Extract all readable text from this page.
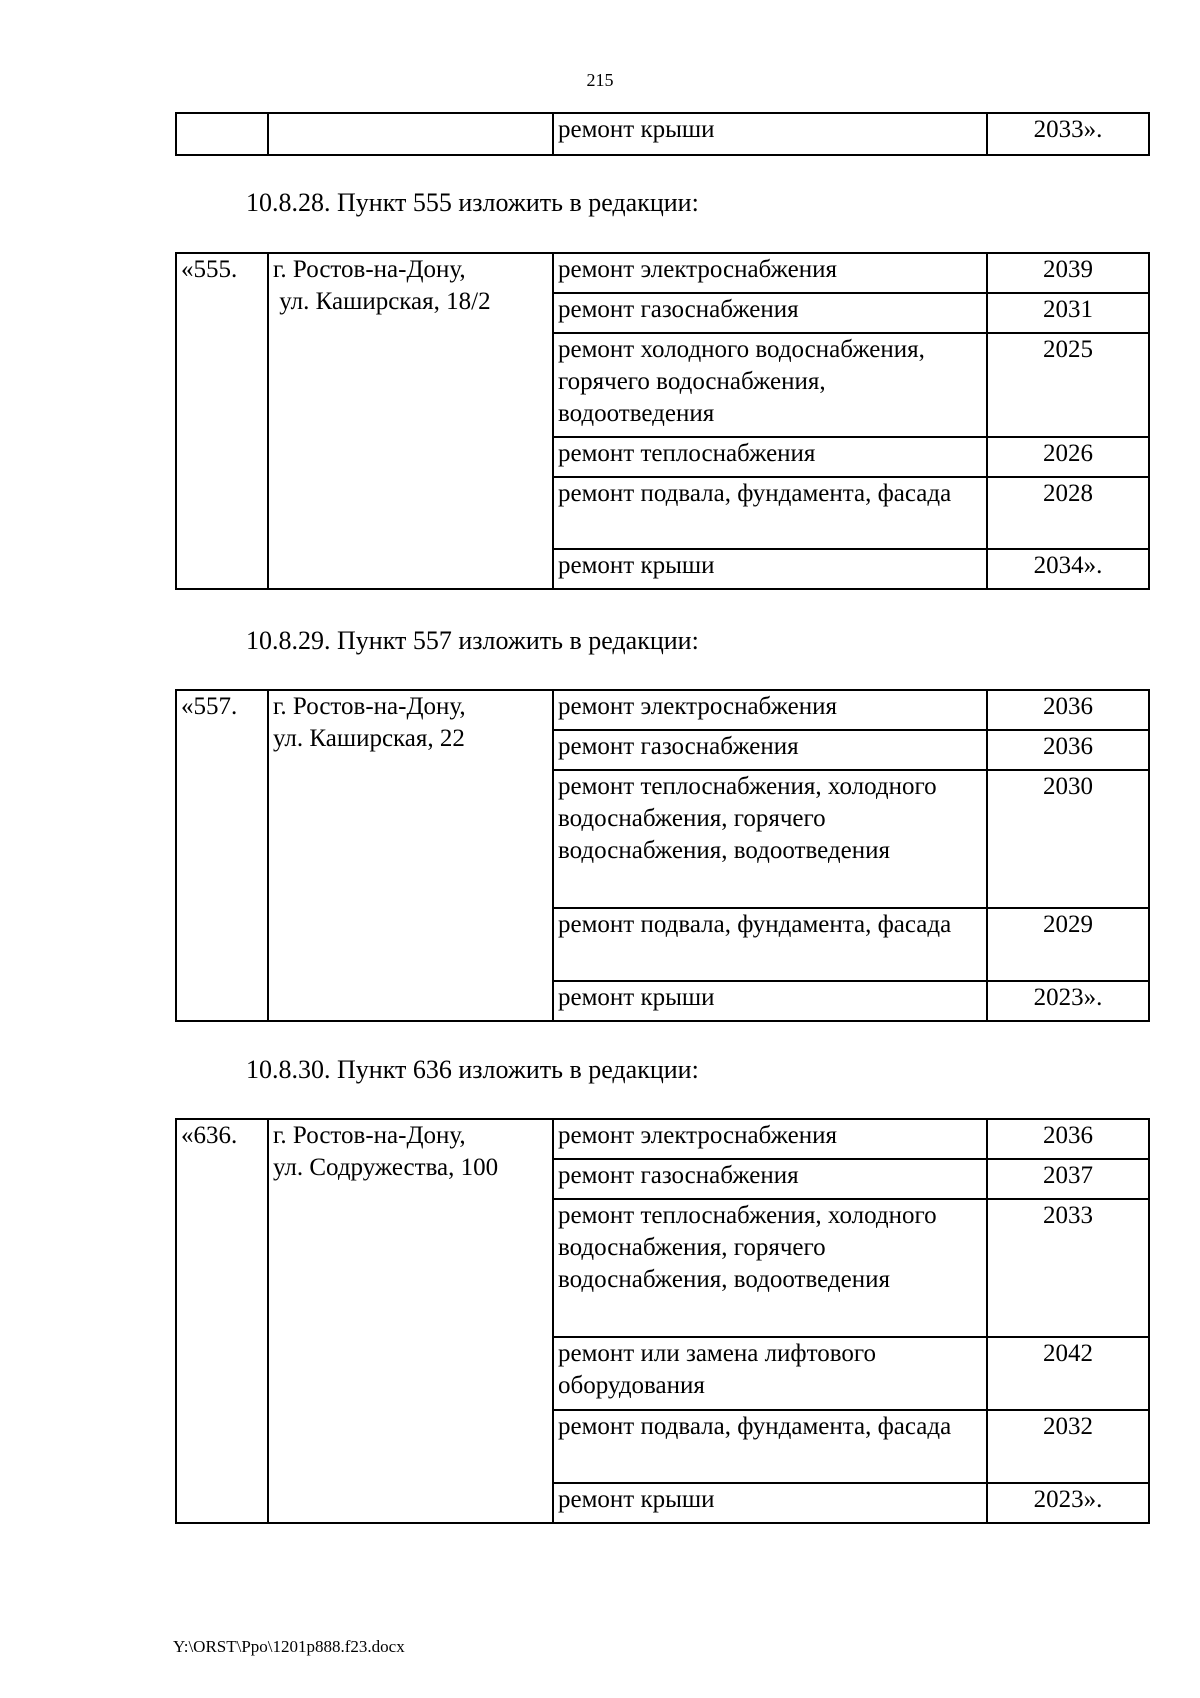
215
		ремонт крыши	2033».
10.8.28. Пункт 555 изложить в редакции:
«555.	г. Ростов-на-Дону,
ул. Каширская, 18/2	ремонт электроснабжения	2039
		ремонт газоснабжения	2031
		ремонт холодного водоснабжения, горячего водоснабжения, водоотведения	2025
		ремонт теплоснабжения	2026
		ремонт подвала, фундамента, фасада	2028
		ремонт крыши	2034».
10.8.29. Пункт 557 изложить в редакции:
«557.	г. Ростов-на-Дону,
ул. Каширская, 22	ремонт электроснабжения	2036
		ремонт газоснабжения	2036
		ремонт теплоснабжения, холодного водоснабжения, горячего водоснабжения, водоотведения	2030
		ремонт подвала, фундамента, фасада	2029
		ремонт крыши	2023».
10.8.30. Пункт 636 изложить в редакции:
«636.	г. Ростов-на-Дону,
ул. Содружества, 100	ремонт электроснабжения	2036
		ремонт газоснабжения	2037
		ремонт теплоснабжения, холодного водоснабжения, горячего водоснабжения, водоотведения	2033
		ремонт или замена лифтового оборудования	2042
		ремонт подвала, фундамента, фасада	2032
		ремонт крыши	2023».
Y:\ORST\Ppo\1201p888.f23.docx
